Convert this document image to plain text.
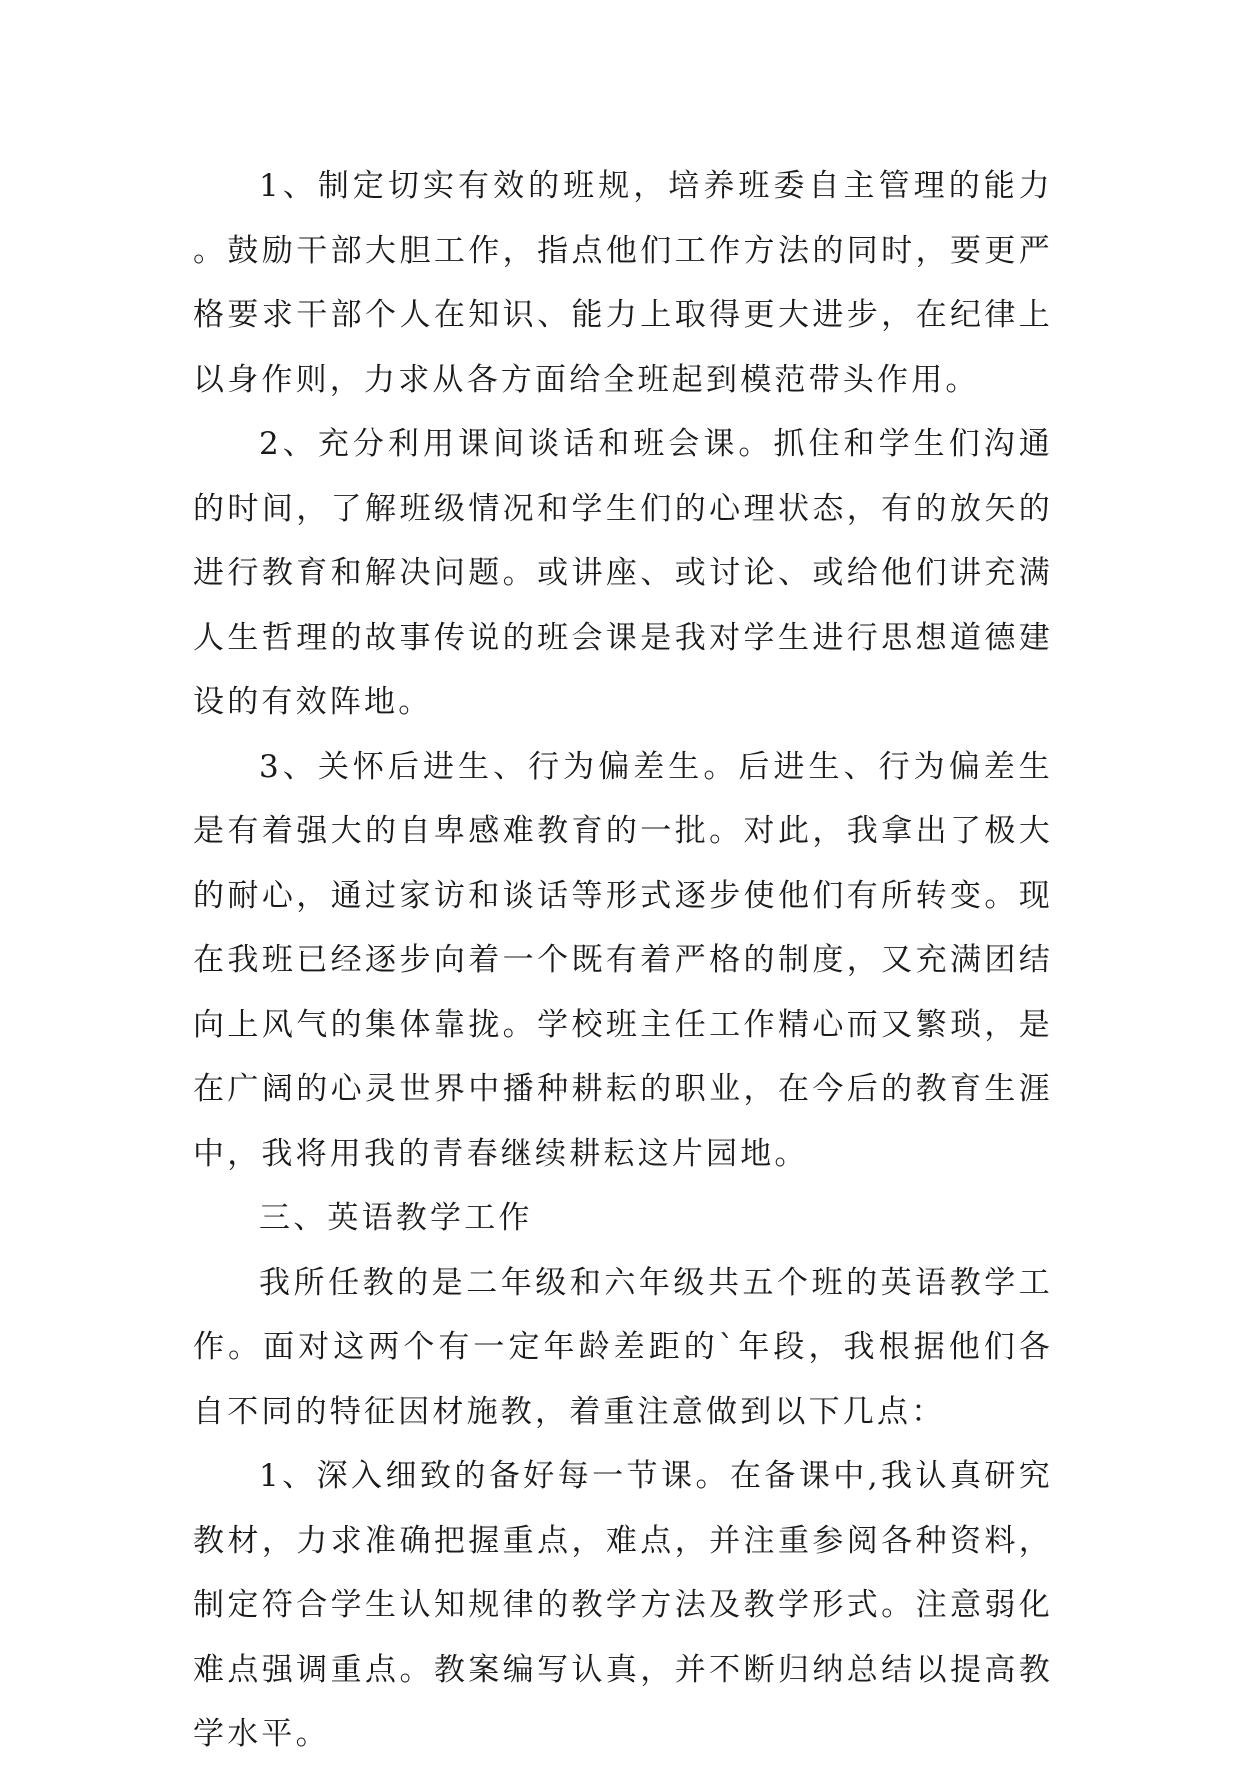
1、制定切实有效的班规，培养班委自主管理的能力。鼓励干部大胆工作，指点他们工作方法的同时，要更严格要求干部个人在知识、能力上取得更大进步，在纪律上以身作则，力求从各方面给全班起到模范带头作用。

2、充分利用课间谈话和班会课。抓住和学生们沟通的时间，了解班级情况和学生们的心理状态，有的放矢的进行教育和解决问题。或讲座、或讨论、或给他们讲充满人生哲理的故事传说的班会课是我对学生进行思想道德建设的有效阵地。

3、关怀后进生、行为偏差生。后进生、行为偏差生是有着强大的自卑感难教育的一批。对此，我拿出了极大的耐心，通过家访和谈话等形式逐步使他们有所转变。现在我班已经逐步向着一个既有着严格的制度，又充满团结向上风气的集体靠拢。学校班主任工作精心而又繁琐，是在广阔的心灵世界中播种耕耘的职业，在今后的教育生涯中，我将用我的青春继续耕耘这片园地。

三、英语教学工作

我所任教的是二年级和六年级共五个班的英语教学工作。面对这两个有一定年龄差距的`年段，我根据他们各自不同的特征因材施教，着重注意做到以下几点：

1、深入细致的备好每一节课。在备课中,我认真研究教材，力求准确把握重点，难点，并注重参阅各种资料，制定符合学生认知规律的教学方法及教学形式。注意弱化难点强调重点。教案编写认真，并不断归纳总结以提高教学水平。
